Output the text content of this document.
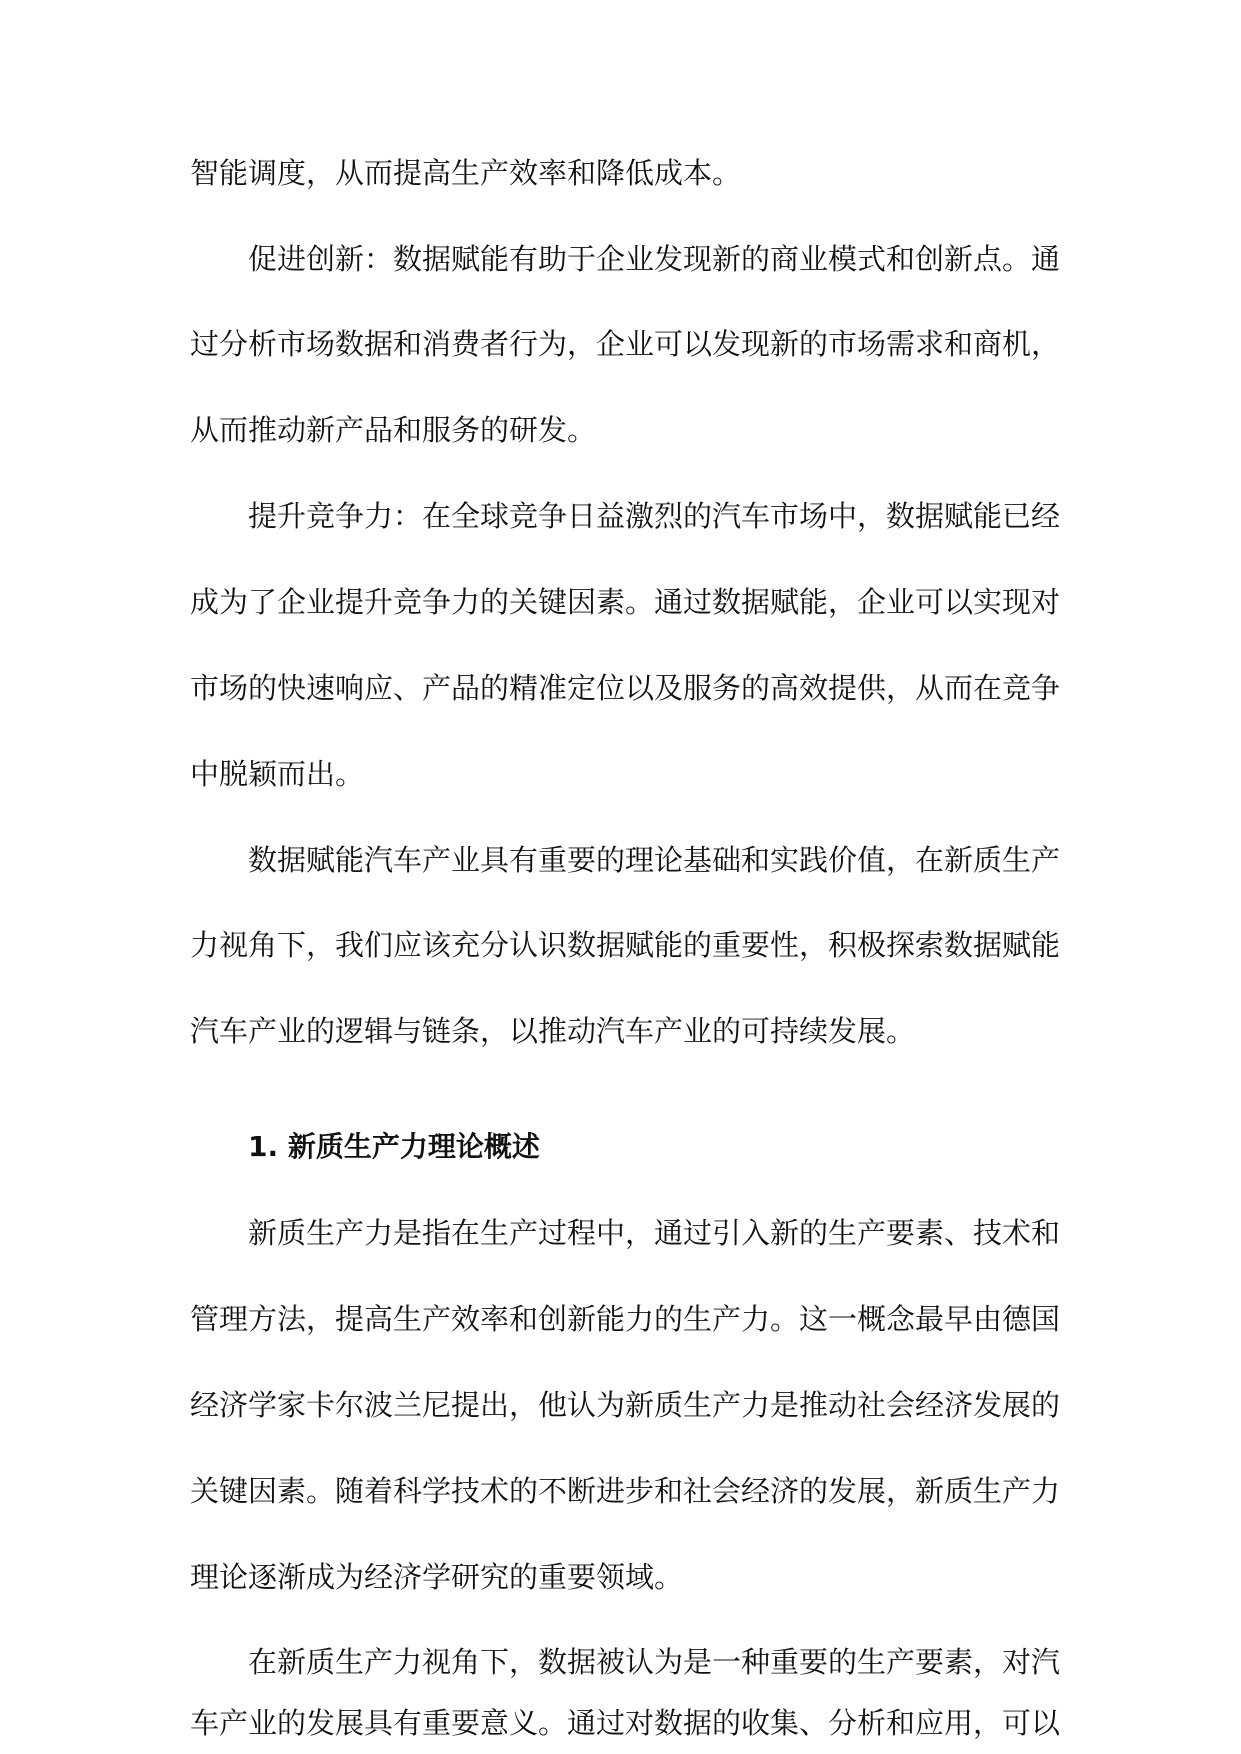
智能调度，从而提高生产效率和降低成本。
促进创新：数据赋能有助于企业发现新的商业模式和创新点。通
过分析市场数据和消费者行为，企业可以发现新的市场需求和商机，
从而推动新产品和服务的研发。
提升竞争力：在全球竞争日益激烈的汽车市场中，数据赋能已经
成为了企业提升竞争力的关键因素。通过数据赋能，企业可以实现对
市场的快速响应、产品的精准定位以及服务的高效提供，从而在竞争
中脱颖而出。
数据赋能汽车产业具有重要的理论基础和实践价值，在新质生产
力视角下，我们应该充分认识数据赋能的重要性，积极探索数据赋能
汽车产业的逻辑与链条，以推动汽车产业的可持续发展。
1. 新质生产力理论概述
新质生产力是指在生产过程中，通过引入新的生产要素、技术和
管理方法，提高生产效率和创新能力的生产力。这一概念最早由德国
经济学家卡尔波兰尼提出，他认为新质生产力是推动社会经济发展的
关键因素。随着科学技术的不断进步和社会经济的发展，新质生产力
理论逐渐成为经济学研究的重要领域。
在新质生产力视角下，数据被认为是一种重要的生产要素，对汽
车产业的发展具有重要意义。通过对数据的收集、分析和应用，可以
